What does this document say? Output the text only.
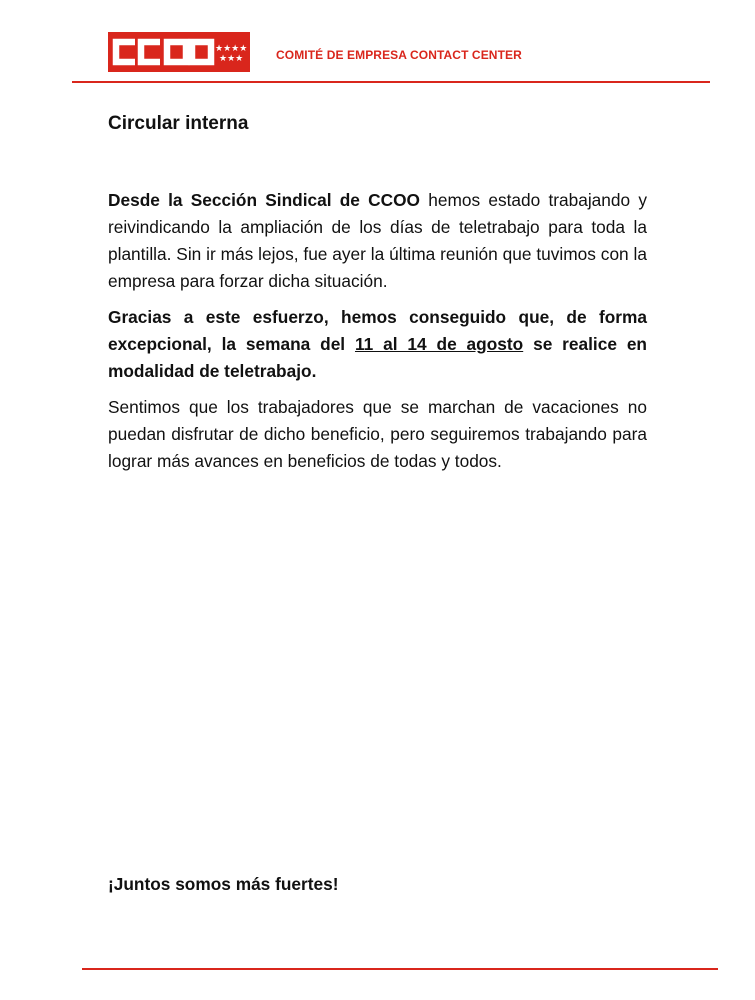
★★★★
★★★	COMITÉ DE EMPRESA CONTACT CENTER
Circular interna

Desde la Sección Sindical de CCOO hemos estado trabajando y reivindicando la ampliación de los días de teletrabajo para toda la plantilla. Sin ir más lejos, fue ayer la última reunión que tuvimos con la empresa para forzar dicha situación.

Gracias a este esfuerzo, hemos conseguido que, de forma excepcional, la semana del 11 al 14 de agosto se realice en modalidad de teletrabajo.

Sentimos que los trabajadores que se marchan de vacaciones no puedan disfrutar de dicho beneficio, pero seguiremos trabajando para lograr más avances en beneficios de todas y todos.

¡Juntos somos más fuertes!
